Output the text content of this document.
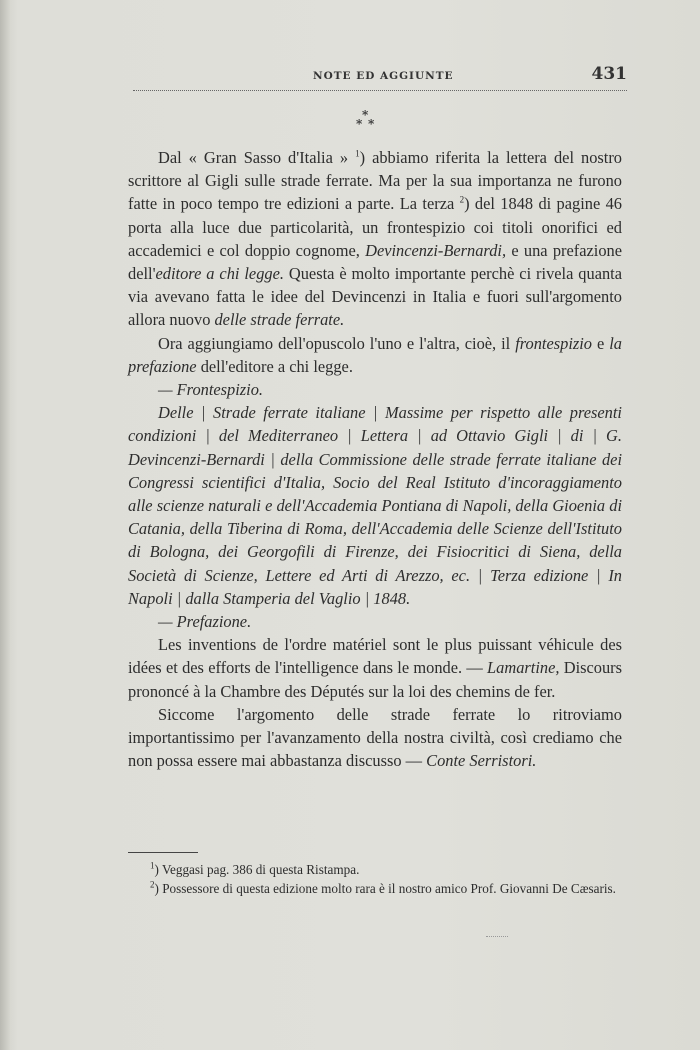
NOTE ED AGGIUNTE	431
*
* *

Dal « Gran Sasso d'Italia » $^1$) abbiamo riferita la lettera del nostro scrittore al Gigli sulle strade ferrate. Ma per la sua importanza ne furono fatte in poco tempo tre edizioni a parte. La terza $^2$) del 1848 di pagine 46 porta alla luce due particolarità, un frontespizio coi titoli onorifici ed accademici e col doppio cognome, Devincenzi-Bernardi, e una prefazione dell'editore a chi legge. Questa è molto importante perchè ci rivela quanta via avevano fatta le idee del Devincenzi in Italia e fuori sull'argomento allora nuovo delle strade ferrate.

Ora aggiungiamo dell'opuscolo l'uno e l'altra, cioè, il frontespizio e la prefazione dell'editore a chi legge.

— Frontespizio.

Delle | Strade ferrate italiane | Massime per rispetto alle presenti condizioni | del Mediterraneo | Lettera | ad Ottavio Gigli | di | G. Devincenzi-Bernardi | della Commissione delle strade ferrate italiane dei Congressi scientifici d'Italia, Socio del Real Istituto d'incoraggiamento alle scienze naturali e dell'Accademia Pontiana di Napoli, della Gioenia di Catania, della Tiberina di Roma, dell'Accademia delle Scienze dell'Istituto di Bologna, dei Georgofili di Firenze, dei Fisiocritici di Siena, della Società di Scienze, Lettere ed Arti di Arezzo, ec. | Terza edizione | In Napoli | dalla Stamperia del Vaglio | 1848.

— Prefazione.

Les inventions de l'ordre matériel sont le plus puissant véhicule des idées et des efforts de l'intelligence dans le monde. — Lamartine, Discours prononcé à la Chambre des Députés sur la loi des chemins de fer.

Siccome l'argomento delle strade ferrate lo ritroviamo importantissimo per l'avanzamento della nostra civiltà, così crediamo che non possa essere mai abbastanza discusso — Conte Serristori.

$^1$) Veggasi pag. 386 di questa Ristampa.

$^2$) Possessore di questa edizione molto rara è il nostro amico Prof. Giovanni De Cæsaris.
